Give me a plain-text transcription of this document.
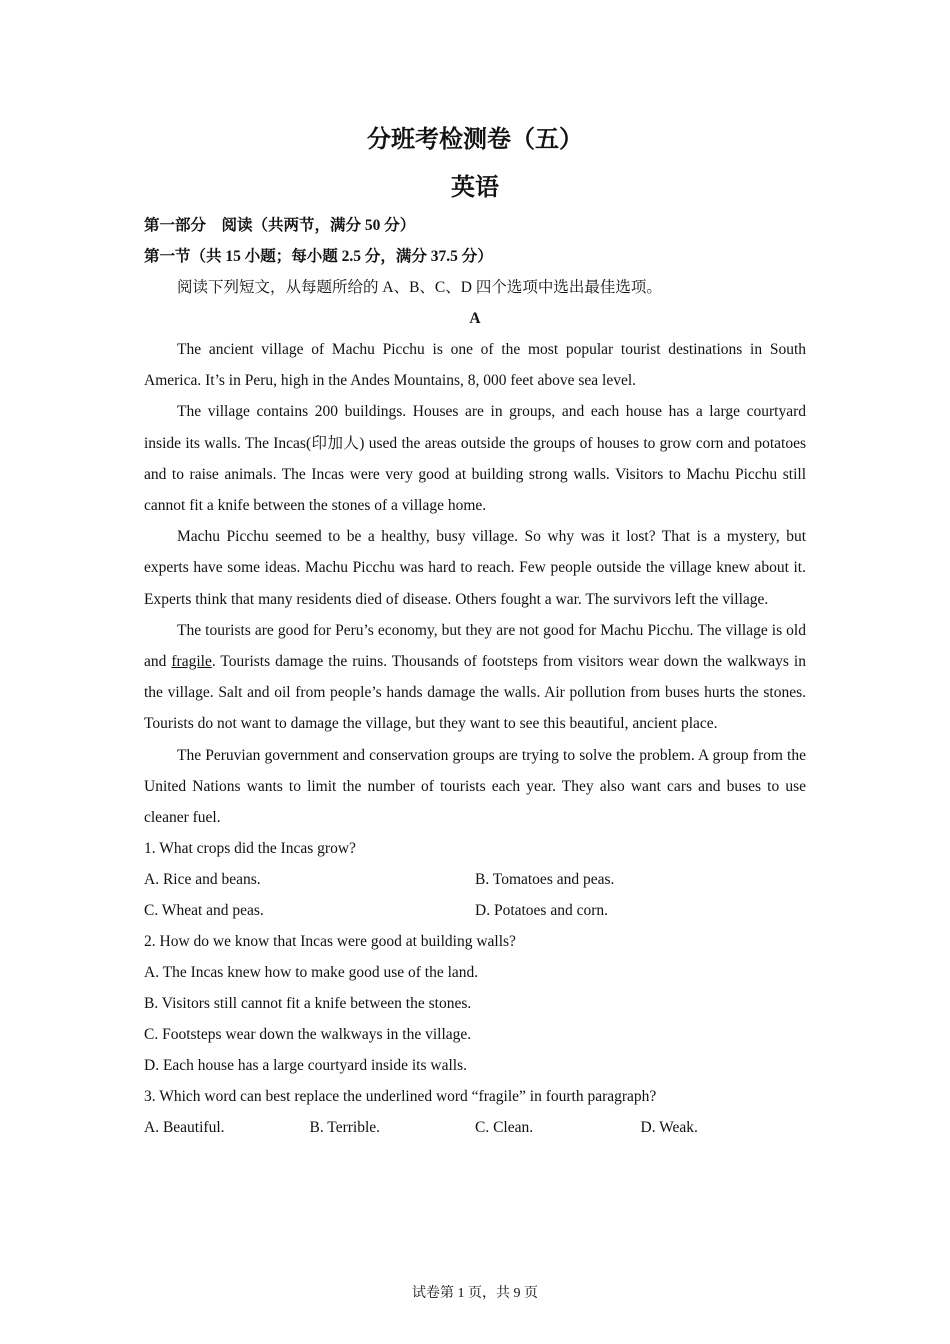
分班考检测卷（五）

英语

第一部分　阅读（共两节，满分 50 分）

第一节（共 15 小题；每小题 2.5 分，满分 37.5 分）

阅读下列短文，从每题所给的 A、B、C、D 四个选项中选出最佳选项。

A

The ancient village of Machu Picchu is one of the most popular tourist destinations in South America. It’s in Peru, high in the Andes Mountains, 8, 000 feet above sea level.

The village contains 200 buildings. Houses are in groups, and each house has a large courtyard inside its walls. The Incas(印加人) used the areas outside the groups of houses to grow corn and potatoes and to raise animals. The Incas were very good at building strong walls. Visitors to Machu Picchu still cannot fit a knife between the stones of a village home.

Machu Picchu seemed to be a healthy, busy village. So why was it lost? That is a mystery, but experts have some ideas. Machu Picchu was hard to reach. Few people outside the village knew about it. Experts think that many residents died of disease. Others fought a war. The survivors left the village.

The tourists are good for Peru’s economy, but they are not good for Machu Picchu. The village is old and fragile. Tourists damage the ruins. Thousands of footsteps from visitors wear down the walkways in the village. Salt and oil from people’s hands damage the walls. Air pollution from buses hurts the stones. Tourists do not want to damage the village, but they want to see this beautiful, ancient place.

The Peruvian government and conservation groups are trying to solve the problem. A group from the United Nations wants to limit the number of tourists each year. They also want cars and buses to use cleaner fuel.

1. What crops did the Incas grow?

A. Rice and beans.	B. Tomatoes and peas.
C. Wheat and peas.	D. Potatoes and corn.

2. How do we know that Incas were good at building walls?

A. The Incas knew how to make good use of the land.

B. Visitors still cannot fit a knife between the stones.

C. Footsteps wear down the walkways in the village.

D. Each house has a large courtyard inside its walls.

3. Which word can best replace the underlined word “fragile” in fourth paragraph?

A. Beautiful.	B. Terrible.	C. Clean.	D. Weak.
试卷第 1 页，共 9 页
